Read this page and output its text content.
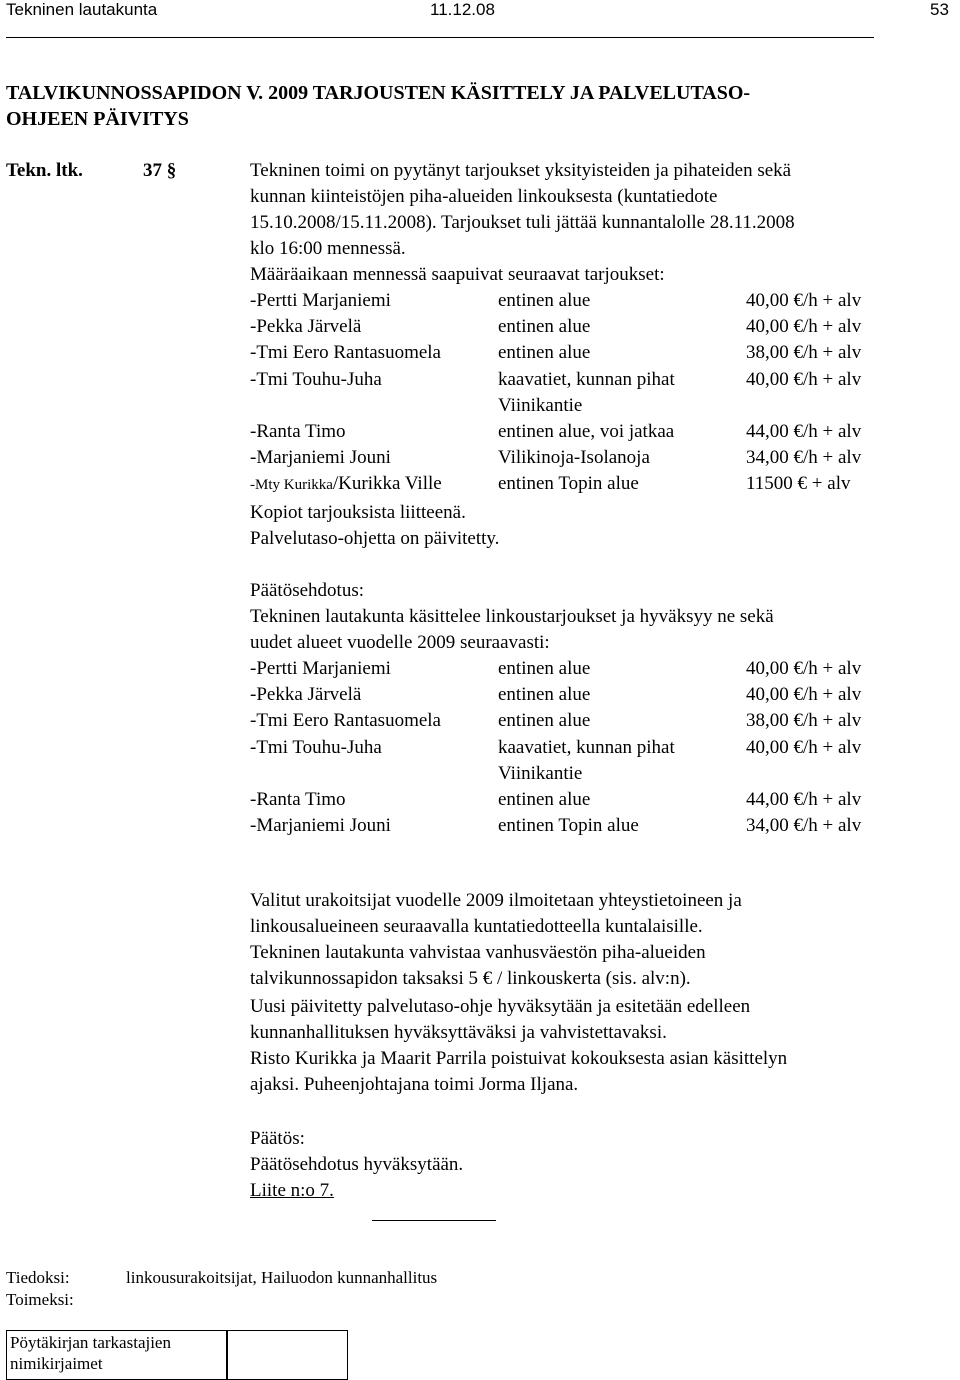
Tekninen lautakunta	11.12.08	53
TALVIKUNNOSSAPIDON V. 2009 TARJOUSTEN KÄSITTELY JA PALVELUTASO-
OHJEEN PÄIVITYS
Tekn. ltk.	37 §	Tekninen toimi on pyytänyt tarjoukset yksityisteiden ja pihateiden sekä
kunnan kiinteistöjen piha-alueiden linkouksesta (kuntatiedote
15.10.2008/15.11.2008). Tarjoukset tuli jättää kunnantalolle 28.11.2008
klo 16:00 mennessä.
Määräaikaan mennessä saapuivat seuraavat tarjoukset:
-Pertti Marjaniemi	entinen alue	40,00 €/h + alv
-Pekka Järvelä	entinen alue	40,00 €/h + alv
-Tmi Eero Rantasuomela	entinen alue	38,00 €/h + alv
-Tmi Touhu-Juha	kaavatiet, kunnan pihat	40,00 €/h + alv
Viinikantie
-Ranta Timo	entinen alue, voi jatkaa	44,00 €/h + alv
-Marjaniemi Jouni	Vilikinoja-Isolanoja	34,00 €/h + alv
-Mty Kurikka/Kurikka Ville	entinen Topin alue	11500 € + alv
Kopiot tarjouksista liitteenä.
Palvelutaso-ohjetta on päivitetty.
Päätösehdotus:
Tekninen lautakunta käsittelee linkoustarjoukset ja hyväksyy ne sekä
uudet alueet vuodelle 2009 seuraavasti:
-Pertti Marjaniemi	entinen alue	40,00 €/h + alv
-Pekka Järvelä	entinen alue	40,00 €/h + alv
-Tmi Eero Rantasuomela	entinen alue	38,00 €/h + alv
-Tmi Touhu-Juha	kaavatiet, kunnan pihat	40,00 €/h + alv
Viinikantie
-Ranta Timo	entinen alue	44,00 €/h + alv
-Marjaniemi Jouni	entinen Topin alue	34,00 €/h + alv
Valitut urakoitsijat vuodelle 2009 ilmoitetaan yhteystietoineen ja
linkousalueineen seuraavalla kuntatiedotteella kuntalaisille.
Tekninen lautakunta vahvistaa vanhusväestön piha-alueiden
talvikunnossapidon taksaksi 5 € / linkouskerta (sis. alv:n).
Uusi päivitetty palvelutaso-ohje hyväksytään ja esitetään edelleen
kunnanhallituksen hyväksyttäväksi ja vahvistettavaksi.
Risto Kurikka ja Maarit Parrila poistuivat kokouksesta asian käsittelyn
ajaksi. Puheenjohtajana toimi Jorma Iljana.
Päätös:
Päätösehdotus hyväksytään.
Liite n:o 7.
Tiedoksi:	linkousurakoitsijat, Hailuodon kunnanhallitus
Toimeksi:
Pöytäkirjan tarkastajien
nimikirjaimet
